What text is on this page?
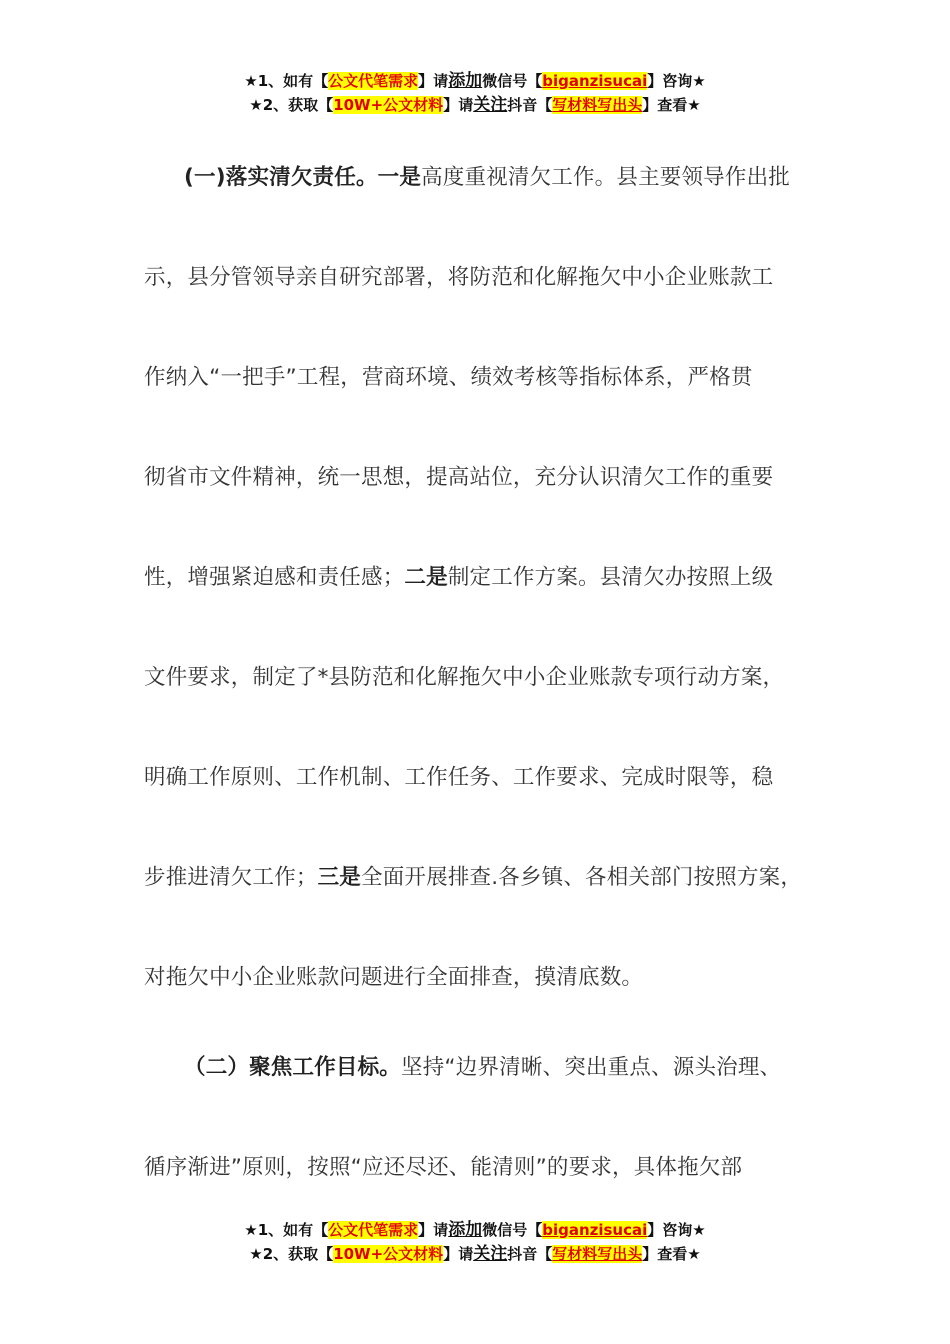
★1、如有【公文代笔需求】请添加微信号【biganzisucai】咨询★
★2、获取【10W+公文材料】请关注抖音【写材料写出头】查看★
(一)落实清欠责任。一是高度重视清欠工作。县主要领导作出批
示，县分管领导亲自研究部署，将防范和化解拖欠中小企业账款工
作纳入“一把手”工程，营商环境、绩效考核等指标体系，严格贯
彻省市文件精神，统一思想，提高站位，充分认识清欠工作的重要
性，增强紧迫感和责任感；二是制定工作方案。县清欠办按照上级
文件要求，制定了*县防范和化解拖欠中小企业账款专项行动方案，
明确工作原则、工作机制、工作任务、工作要求、完成时限等，稳
步推进清欠工作；三是全面开展排查.各乡镇、各相关部门按照方案，
对拖欠中小企业账款问题进行全面排查，摸清底数。
（二）聚焦工作目标。坚持“边界清晰、突出重点、源头治理、
循序渐进”原则，按照“应还尽还、能清则”的要求，具体拖欠部
★1、如有【公文代笔需求】请添加微信号【biganzisucai】咨询★
★2、获取【10W+公文材料】请关注抖音【写材料写出头】查看★
